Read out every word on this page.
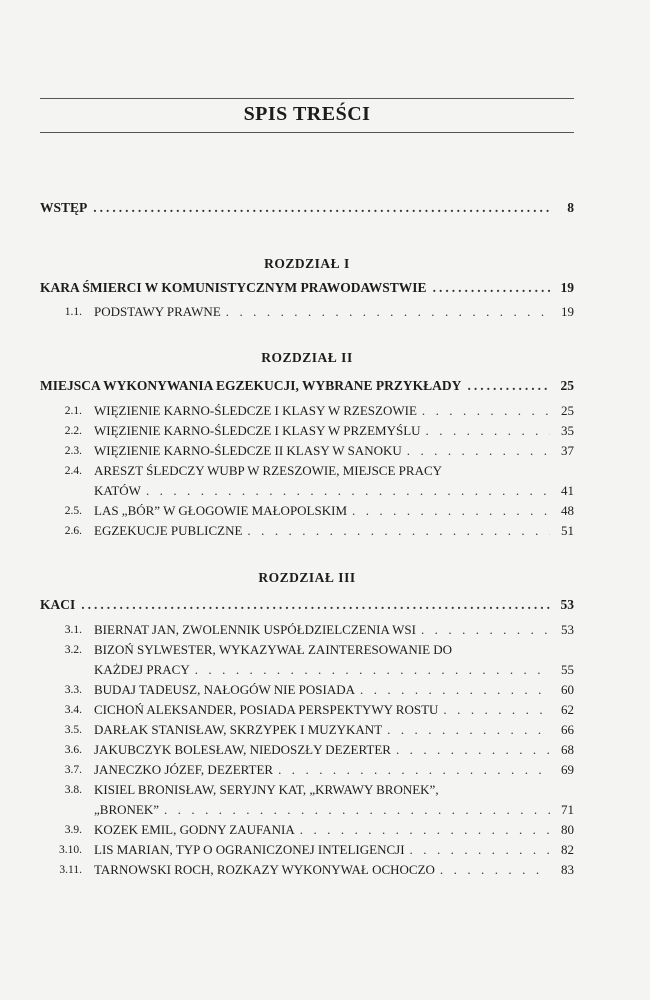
SPIS TREŚCI
WSTĘP .....	8
ROZDZIAŁ I
KARA ŚMIERCI W KOMUNISTYCZNYM PRAWODAWSTWIE .....	19
1.1. PODSTAWY PRAWNE . . .	19
ROZDZIAŁ II
MIEJSCA WYKONYWANIA EGZEKUCJI, WYBRANE PRZYKŁADY .....	25
2.1. WIĘZIENIE KARNO-ŚLEDCZE I KLASY W RZESZOWIE . . .	25
2.2. WIĘZIENIE KARNO-ŚLEDCZE I KLASY W PRZEMYŚLU . . .	35
2.3. WIĘZIENIE KARNO-ŚLEDCZE II KLASY W SANOKU . . .	37
2.4. ARESZT ŚLEDCZY WUBP W RZESZOWIE, MIEJSCE PRACY
KATÓW . . .	41
2.5. LAS „BÓR” W GŁOGOWIE MAŁOPOLSKIM . . .	48
2.6. EGZEKUCJE PUBLICZNE . . .	51
ROZDZIAŁ III
KACI .....	53
3.1. BIERNAT JAN, ZWOLENNIK USPÓŁDZIELCZENIA WSI . . .	53
3.2. BIZOŃ SYLWESTER, WYKAZYWAŁ ZAINTERESOWANIE DO
KAŻDEJ PRACY . . .	55
3.3. BUDAJ TADEUSZ, NAŁOGÓW NIE POSIADA . . .	60
3.4. CICHOŃ ALEKSANDER, POSIADA PERSPEKTYWY ROSTU . . .	62
3.5. DARŁAK STANISŁAW, SKRZYPEK I MUZYKANT . . .	66
3.6. JAKUBCZYK BOLESŁAW, NIEDOSZŁY DEZERTER . . .	68
3.7. JANECZKO JÓZEF, DEZERTER . . .	69
3.8. KISIEL BRONISŁAW, SERYJNY KAT, „KRWAWY BRONEK”,
„BRONEK” . . .	71
3.9. KOZEK EMIL, GODNY ZAUFANIA . . .	80
3.10. LIS MARIAN, TYP O OGRANICZONEJ INTELIGENCJI . . .	82
3.11. TARNOWSKI ROCH, ROZKAZY WYKONYWAŁ OCHOCZO . . .	83
